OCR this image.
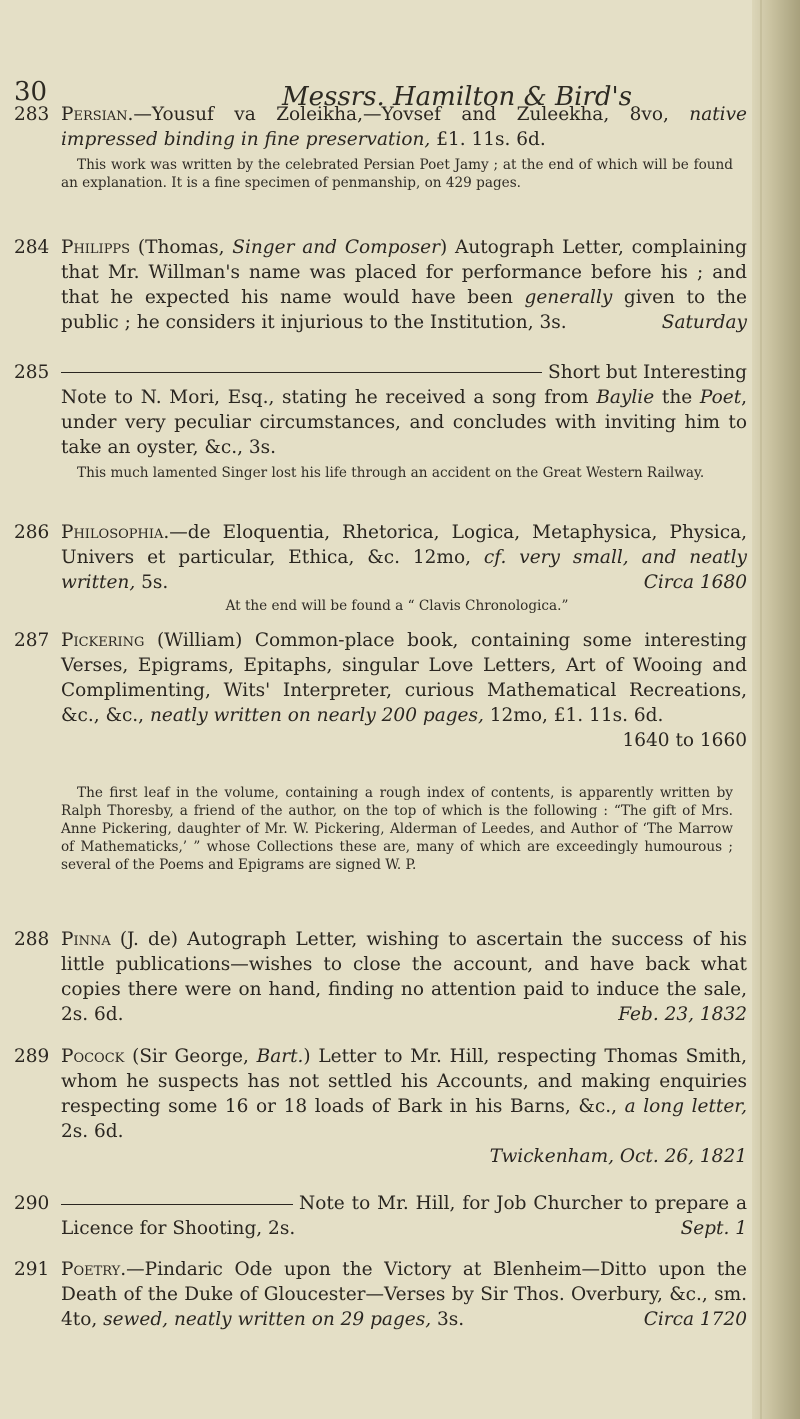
30	Messrs. Hamilton & Bird's
283 Persian.—Yousuf va Zoleikha,—Yovsef and Zuleekha, 8vo, native impressed binding in fine preservation, £1. 11s. 6d.
This work was written by the celebrated Persian Poet Jamy ; at the end of which will be found an explanation. It is a fine specimen of penmanship, on 429 pages.
284 Philipps (Thomas, Singer and Composer) Autograph Letter, complaining that Mr. Willman's name was placed for performance before his ; and that he expected his name would have been generally given to the public ; he considers it injurious to the Institution, 3s.	Saturday
285	Short but Interesting
Note to N. Mori, Esq., stating he received a song from Baylie the Poet, under very peculiar circumstances, and concludes with inviting him to take an oyster, &c., 3s.
This much lamented Singer lost his life through an accident on the Great Western Railway.
286 Philosophia.—de Eloquentia, Rhetorica, Logica, Metaphysica, Physica, Univers et particular, Ethica, &c. 12mo, cf. very small, and neatly written, 5s.	Circa 1680
At the end will be found a “ Clavis Chronologica.”
287 Pickering (William) Common-place book, containing some interesting Verses, Epigrams, Epitaphs, singular Love Letters, Art of Wooing and Complimenting, Wits' Interpreter, curious Mathematical Recreations, &c., &c., neatly written on nearly 200 pages, 12mo, £1. 11s. 6d.
1640 to 1660
The first leaf in the volume, containing a rough index of contents, is apparently written by Ralph Thoresby, a friend of the author, on the top of which is the following : “The gift of Mrs. Anne Pickering, daughter of Mr. W. Pickering, Alderman of Leedes, and Author of ‘The Marrow of Mathematicks,’ ” whose Collections these are, many of which are exceedingly humourous ; several of the Poems and Epigrams are signed W. P.
288 Pinna (J. de) Autograph Letter, wishing to ascertain the success of his little publications—wishes to close the account, and have back what copies there were on hand, finding no attention paid to induce the sale, 2s. 6d.	Feb. 23, 1832
289 Pocock (Sir George, Bart.) Letter to Mr. Hill, respecting Thomas Smith, whom he suspects has not settled his Accounts, and making enquiries respecting some 16 or 18 loads of Bark in his Barns, &c., a long letter, 2s. 6d.
Twickenham, Oct. 26, 1821
290	Note to Mr. Hill, for Job Churcher to prepare a Licence for Shooting, 2s.	Sept. 1
291 Poetry.—Pindaric Ode upon the Victory at Blenheim—Ditto upon the Death of the Duke of Gloucester—Verses by Sir Thos. Overbury, &c., sm. 4to, sewed, neatly written on 29 pages, 3s.	Circa 1720
